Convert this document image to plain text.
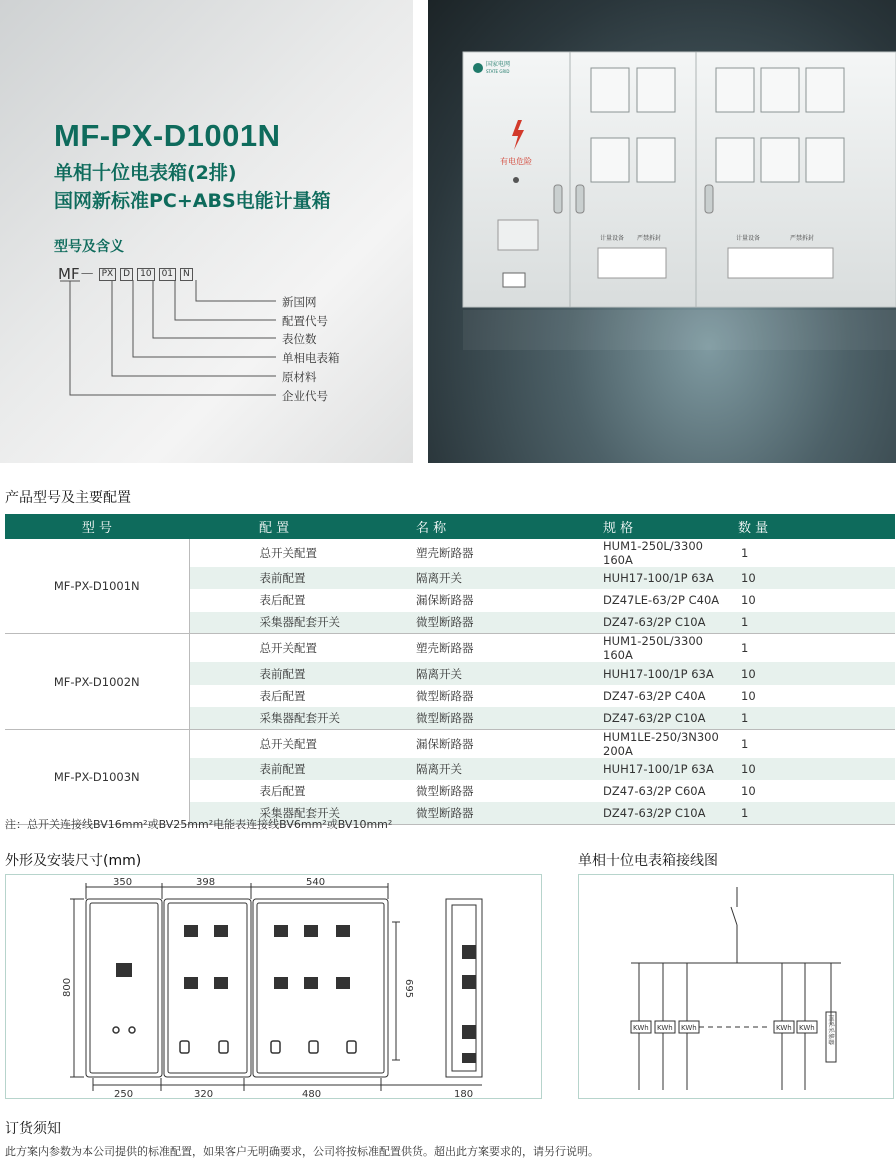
MF-PX-D1001N
单相十位电表箱(2排)
国网新标准PC+ABS电能计量箱
型号及含义
MF－ PX D 10 01 N
新国网
配置代号
表位数
单相电表箱
原材料
企业代号
国家电网
STATE GRID
有电危险
计量设备 严禁拆封	计量设备	严禁拆封
产品型号及主要配置
型 号	配 置	名 称	规 格	数 量
MF-PX-D1001N	总开关配置	塑壳断路器	HUM1-250L/3300 160A	1
	表前配置	隔离开关	HUH17-100/1P 63A	10
	表后配置	漏保断路器	DZ47LE-63/2P C40A	10
	采集器配套开关	微型断路器	DZ47-63/2P C10A	1
MF-PX-D1002N	总开关配置	塑壳断路器	HUM1-250L/3300 160A	1
	表前配置	隔离开关	HUH17-100/1P 63A	10
	表后配置	微型断路器	DZ47-63/2P C40A	10
	采集器配套开关	微型断路器	DZ47-63/2P C10A	1
MF-PX-D1003N	总开关配置	漏保断路器	HUM1LE-250/3N300 200A	1
	表前配置	隔离开关	HUH17-100/1P 63A	10
	表后配置	微型断路器	DZ47-63/2P C60A	10
	采集器配套开关	微型断路器	DZ47-63/2P C10A	1
注：总开关连接线BV16mm²或BV25mm²电能表连接线BV6mm²或BV10mm²
外形及安装尺寸(mm)
350	398	540
250	320	480
800	695
180
单相十位电表箱接线图
KWh KWh KWh	KWh KWh 回采采集器
订货须知
此方案内参数为本公司提供的标准配置，如果客户无明确要求，公司将按标准配置供货。超出此方案要求的，请另行说明。
